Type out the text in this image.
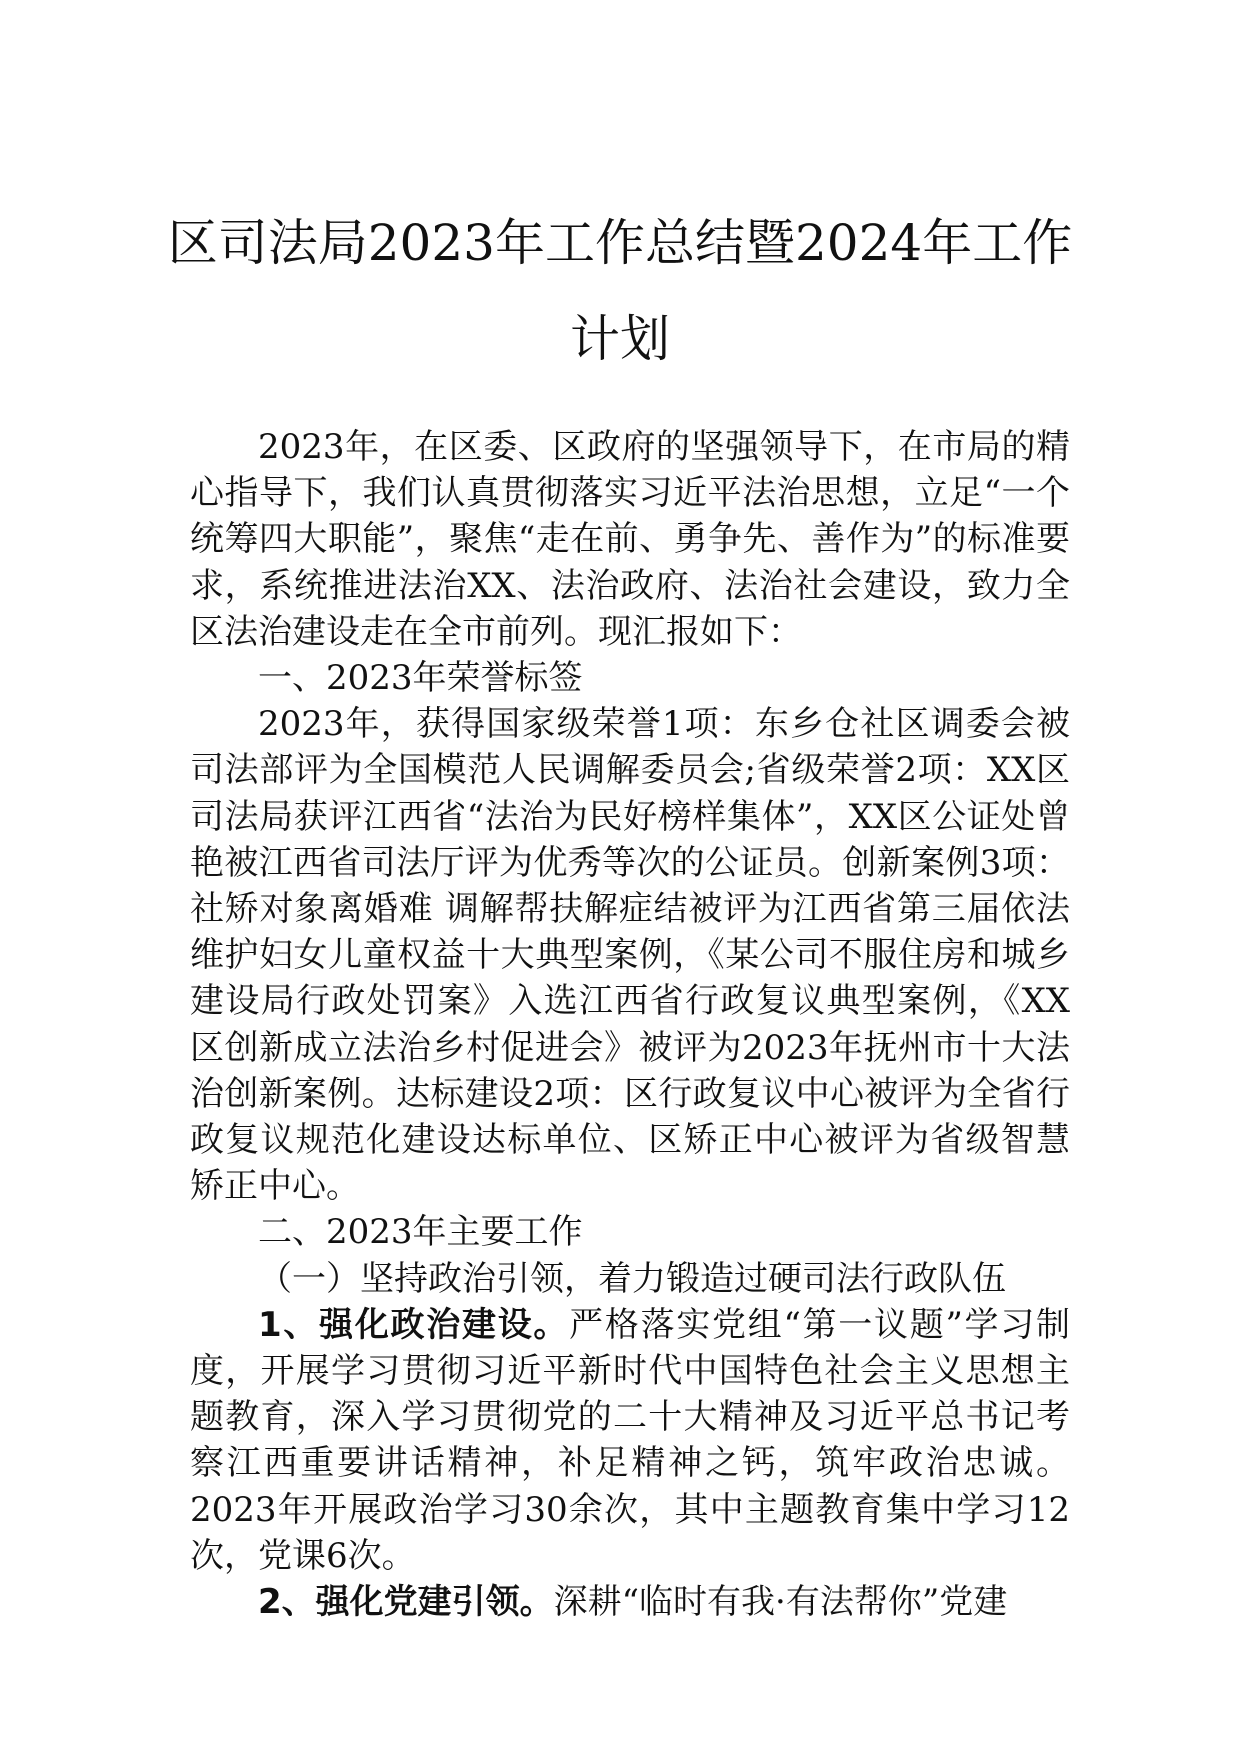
区司法局2023年工作总结暨2024年工作计划

2023年，在区委、区政府的坚强领导下，在市局的精心指导下，我们认真贯彻落实习近平法治思想，立足“一个统筹四大职能”，聚焦“走在前、勇争先、善作为”的标准要求，系统推进法治XX、法治政府、法治社会建设，致力全区法治建设走在全市前列。现汇报如下：

一、2023年荣誉标签

2023年，获得国家级荣誉1项：东乡仓社区调委会被司法部评为全国模范人民调解委员会;省级荣誉2项：XX区司法局获评江西省“法治为民好榜样集体”，XX区公证处曾艳被江西省司法厅评为优秀等次的公证员。创新案例3项：社矫对象离婚难 调解帮扶解症结被评为江西省第三届依法维护妇女儿童权益十大典型案例，《某公司不服住房和城乡建设局行政处罚案》入选江西省行政复议典型案例，《XX区创新成立法治乡村促进会》被评为2023年抚州市十大法治创新案例。达标建设2项：区行政复议中心被评为全省行政复议规范化建设达标单位、区矫正中心被评为省级智慧矫正中心。

二、2023年主要工作

（一）坚持政治引领，着力锻造过硬司法行政队伍

1、强化政治建设。严格落实党组“第一议题”学习制度，开展学习贯彻习近平新时代中国特色社会主义思想主题教育，深入学习贯彻党的二十大精神及习近平总书记考察江西重要讲话精神，补足精神之钙，筑牢政治忠诚。2023年开展政治学习30余次，其中主题教育集中学习12次，党课6次。

2、强化党建引领。深耕“临时有我·有法帮你”党建
